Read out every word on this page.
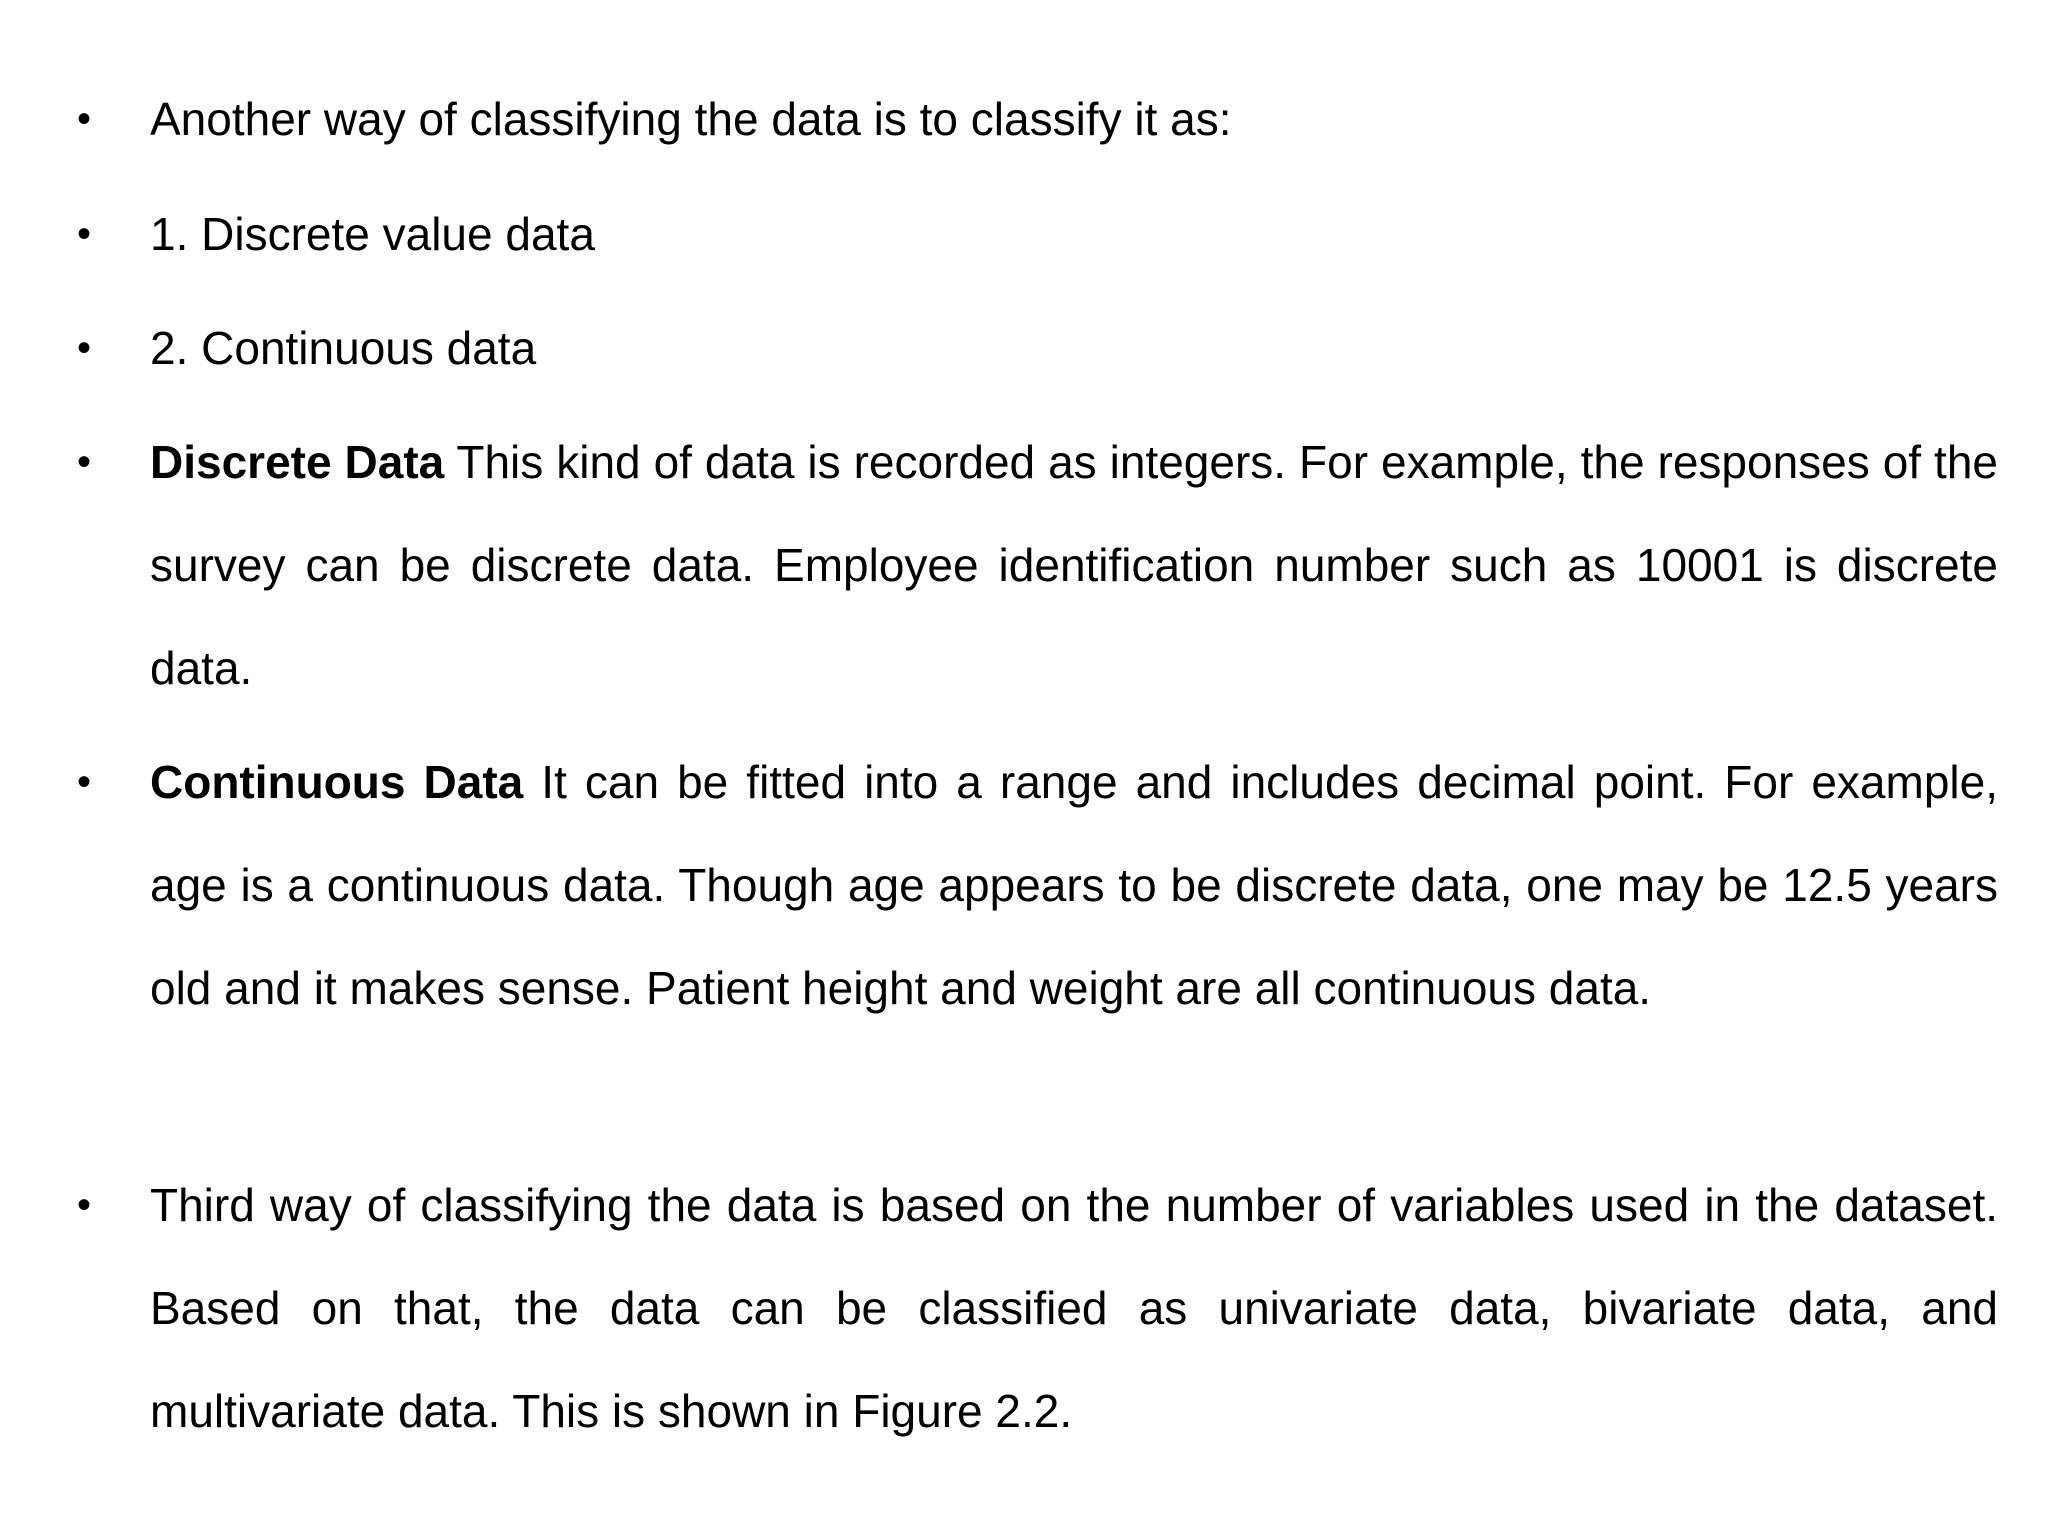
• Another way of classifying the data is to classify it as:
• 1. Discrete value data
• 2. Continuous data
• Discrete Data This kind of data is recorded as integers. For example, the responses of the survey can be discrete data. Employee identification number such as 10001 is discrete data.
• Continuous Data It can be fitted into a range and includes decimal point. For example, age is a continuous data. Though age appears to be discrete data, one may be 12.5 years old and it makes sense. Patient height and weight are all continuous data.
• Third way of classifying the data is based on the number of variables used in the dataset. Based on that, the data can be classified as univariate data, bivariate data, and multivariate data. This is shown in Figure 2.2.
